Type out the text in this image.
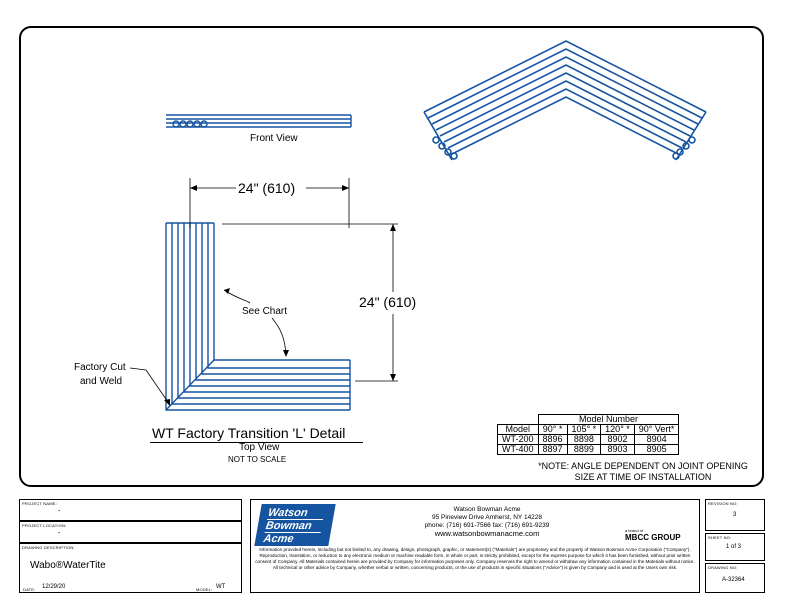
Front View
24" (610)
24" (610)
See Chart
Factory Cut
and Weld
WT Factory Transition 'L' Detail
Top View
NOT TO SCALE
	Model Number			
Model	90° *	105° *	120° *	90° Vert*
WT-200	8896	8898	8902	8904
WT-400	8897	8899	8903	8905
*NOTE: ANGLE DEPENDENT ON JOINT OPENING
SIZE AT TIME OF INSTALLATION
PROJECT NAME:
-
PROJECT LOCATION:
-
DRAWING DESCRIPTION:
Wabo®WaterTite
DATE: 12/29/20	MODEL: WT
Watson
Bowman
Acme
Watson Bowman Acme
95 Pineview Drive Amherst, NY 14228
phone: (716) 691-7566 fax: (716) 691-9239
www.watsonbowmanacme.com	a brand of
MBCC GROUP
Information provided herein, including but not limited to, any drawing, design, photograph, graphic, or statement(s) ("Materials") are proprietary and the property of Watson Bowman Acme Corporation ("Company"). Reproduction, translation, or reduction to any electronic medium or machine readable form, in whole or part, is strictly prohibited, except for the express purpose for which it has been furnished, without prior written consent of Company. All Materials contained herein are provided by Company for information purposes only. Company reserves the right to amend or withdraw any information contained in the Materials without notice. All technical or other advice by Company, whether verbal or written, concerning products, or the use of products in specific situations ("Advice") is given by Company and is used at the Users own risk.
REVISION NO:
3
SHEET NO:
1 of 3
DRAWING NO:
A-32364
